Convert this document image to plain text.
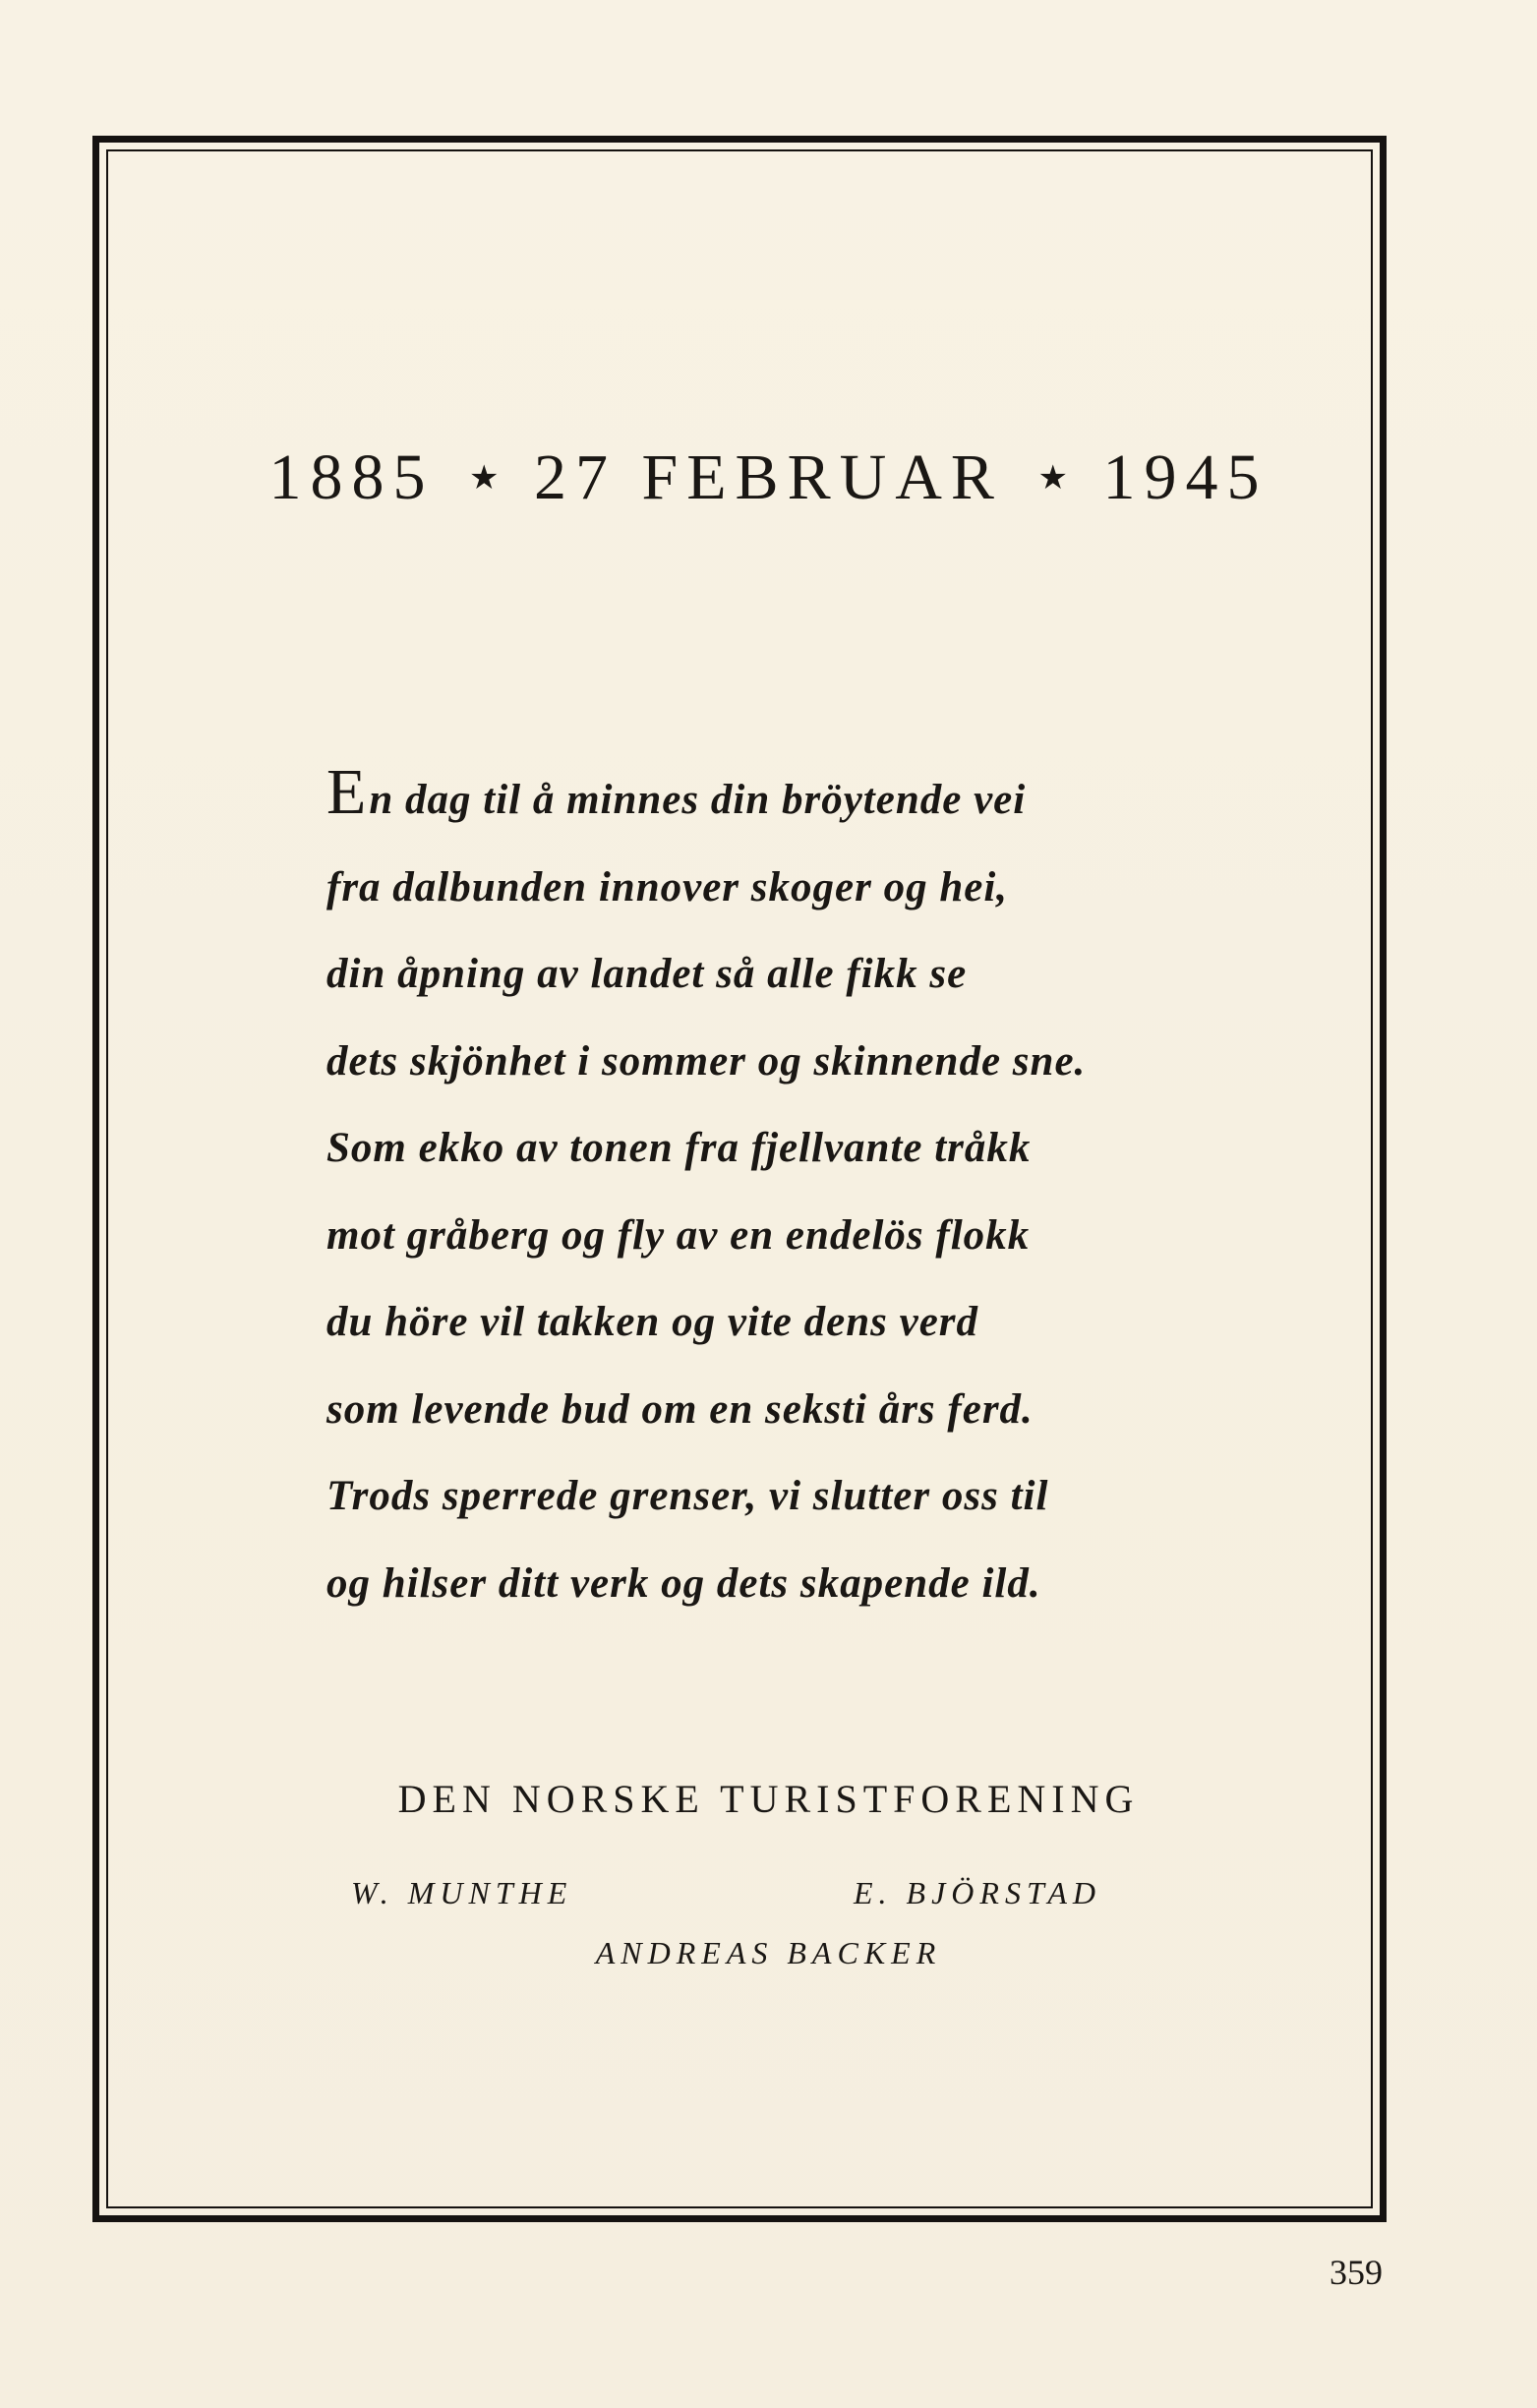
1885 ★ 27 FEBRUAR ★ 1945
En dag til å minnes din bröytende vei
fra dalbunden innover skoger og hei,
din åpning av landet så alle fikk se
dets skjönhet i sommer og skinnende sne.
Som ekko av tonen fra fjellvante tråkk
mot gråberg og fly av en endelös flokk
du höre vil takken og vite dens verd
som levende bud om en seksti års ferd.
Trods sperrede grenser, vi slutter oss til
og hilser ditt verk og dets skapende ild.
DEN NORSKE TURISTFORENING
W. MUNTHE	E. BJÖRSTAD
ANDREAS BACKER
359
